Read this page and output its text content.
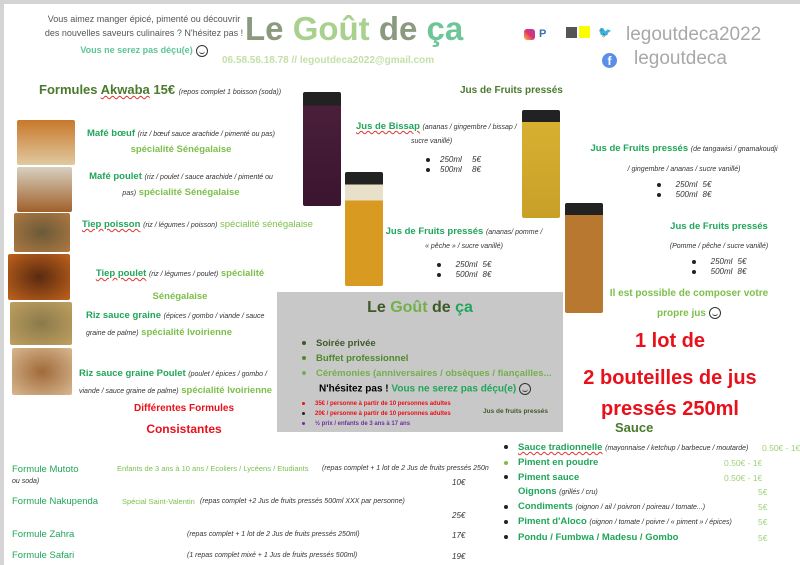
Vous aimez manger épicé, pimenté ou découvrir
des nouvelles saveurs culinaires ? N'hésitez pas !
Vous ne serez pas déçu(e)
Le Goût de ça
06.58.56.18.78 // legoutdeca2022@gmail.com
P	🐦 legoutdeca2022
f legoutdeca
Formules Akwaba 15€ (repos complet 1 boisson (soda))
Mafé bœuf (riz / bœuf sauce arachide / pimenté ou pas)
spécialité Sénégalaise
Mafé poulet (riz / poulet / sauce arachide / pimenté ou
pas) spécialité Sénégalaise
Tiep poisson (riz / légumes / poisson) spécialité sénégalaise
Tiep poulet (riz / légumes / poulet) spécialité
Sénégalaise
Riz sauce graine (épices / gombo / viande / sauce
graine de palme) spécialité Ivoirienne
Riz sauce graine Poulet (poulet / épices / gombo /
viande / sauce graine de palme) spécialité Ivoirienne
Différentes Formules
Consistantes
Formule Mutoto	Enfants de 3 ans à 10 ans / Ecoliers / Lycéens / Etudiants (repas complet + 1 lot de 2 Jus de fruits pressés 250n
ou soda)	10€
Formule Nakupenda	Spécial Saint-Valentin (repas complet +2 Jus de fruits pressés 500ml XXX par personne)
25€
Formule Zahra	(repas complet + 1 lot de 2 Jus de fruits pressés 250ml)	17€
Formule Safari	(1 repas complet mixé + 1 Jus de fruits pressés 500ml)	19€
Jus de Fruits pressés
Jus de Bissap (ananas / gingembre / bissap /
sucre vanillé)
250ml 5€
500ml 8€
Jus de Fruits pressés (ananas/ pomme /
« pêche » / sucre vanillé)
250ml 5€
500ml 8€
Jus de Fruits pressés (de tangawisi / gnamakoudji
/ gingembre / ananas / sucre vanillé)
250ml 5€
500ml 8€
Jus de Fruits pressés
(Pomme / pêche / sucre vanillé)
250ml 5€
500ml 8€
Il est possible de composer votre
propre jus
1 lot de
2 bouteilles de jus
pressés 250ml
Le Goût de ça
Soirée privée
Buffet professionnel
Cérémonies (anniversaires / obsèques / fiançailles...
N'hésitez pas ! Vous ne serez pas déçu(e)
35€ / personne à partir de 10 personnes adultes
20€ / personne à partir de 10 personnes adultes
½ prix / enfants de 3 ans à 17 ans
Jus de fruits pressés
Sauce
Sauce tradionnelle (mayonnaise / ketchup / barbecue / moutarde) 0.50€ - 1€
Piment en poudre	0.50€ - 1€
Piment sauce	0.50€ - 1€
Oignons (grillés / cru)	5€
Condiments (oignon / ail / poivron / poireau / tomate...)	5€
Piment d'Aloco (oignon / tomate / poivre / « piment » / épices)	5€
Pondu / Fumbwa / Madesu / Gombo	5€
